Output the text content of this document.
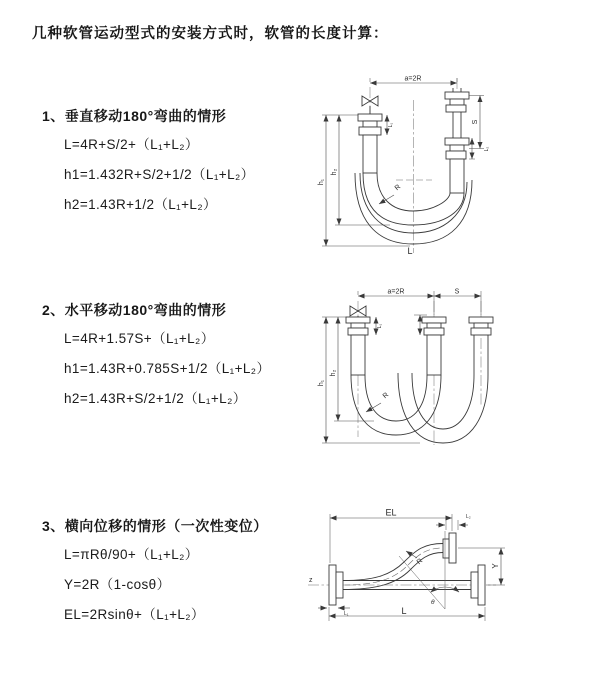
几种软管运动型式的安装方式时，软管的长度计算：
1、垂直移动180°弯曲的情形
L=4R+S/2+（L₁+L₂）
h1=1.432R+S/2+1/2（L₁+L₂）
h2=1.43R+1/2（L₁+L₂）
a=2R
h₁
h₂
L₁
S
L₂
R
L
2、水平移动180°弯曲的情形
L=4R+1.57S+（L₁+L₂）
h1=1.43R+0.785S+1/2（L₁+L₂）
h2=1.43R+S/2+1/2（L₁+L₂）
a=2R	S
h₁
h₂
L₁
R
3、横向位移的情形（一次性变位）
L=πRθ/90+（L₁+L₂）
Y=2R（1-cosθ）
EL=2Rsinθ+（L₁+L₂）
z
EL	L₂
θ
R	Y
L₁	L
